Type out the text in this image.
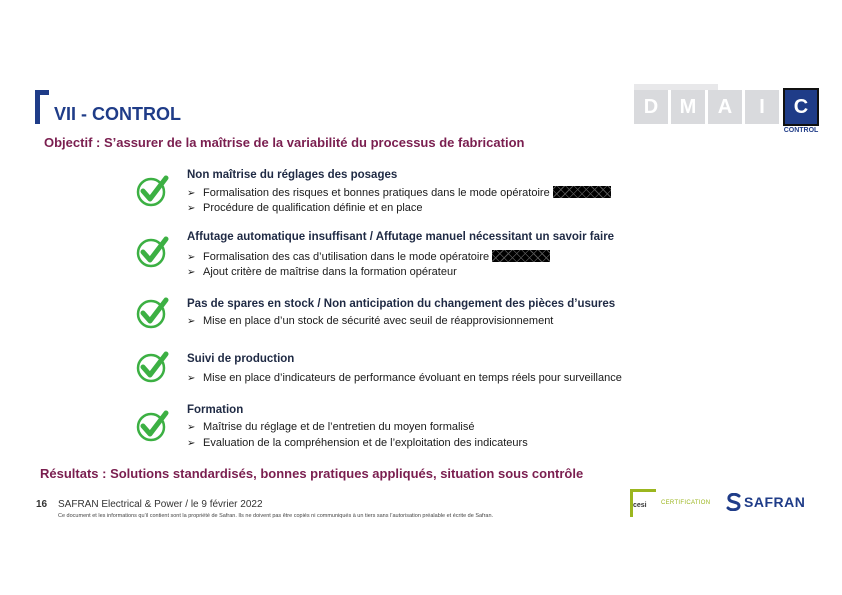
VII - CONTROL
Objectif : S’assurer de la maîtrise de la variabilité du processus de fabrication
D	M	A	I	C
CONTROL
Non maîtrise du réglages des posages
➢ Formalisation des risques et bonnes pratiques dans le mode opératoire
➢ Procédure de qualification définie et en place
Affutage automatique insuffisant / Affutage manuel nécessitant un savoir faire
➢ Formalisation des cas d’utilisation dans le mode opératoire
➢ Ajout critère de maîtrise dans la formation opérateur
Pas de spares en stock / Non anticipation du changement des pièces d’usures
➢ Mise en place d’un stock de sécurité avec seuil de réapprovisionnement
Suivi de production
➢ Mise en place d’indicateurs de performance évoluant en temps réels pour surveillance
Formation
➢ Maîtrise du réglage et de l’entretien du moyen formalisé
➢ Evaluation de la compréhension et de l’exploitation des indicateurs
Résultats : Solutions standardisés, bonnes pratiques appliqués, situation sous contrôle
16 SAFRAN Electrical & Power / le 9 février 2022
Ce document et les informations qu’il contient sont la propriété de Safran. Ils ne doivent pas être copiés ni communiqués à un tiers sans l’autorisation préalable et écrite de Safran.
cesi CERTIFICATION SAFRAN
